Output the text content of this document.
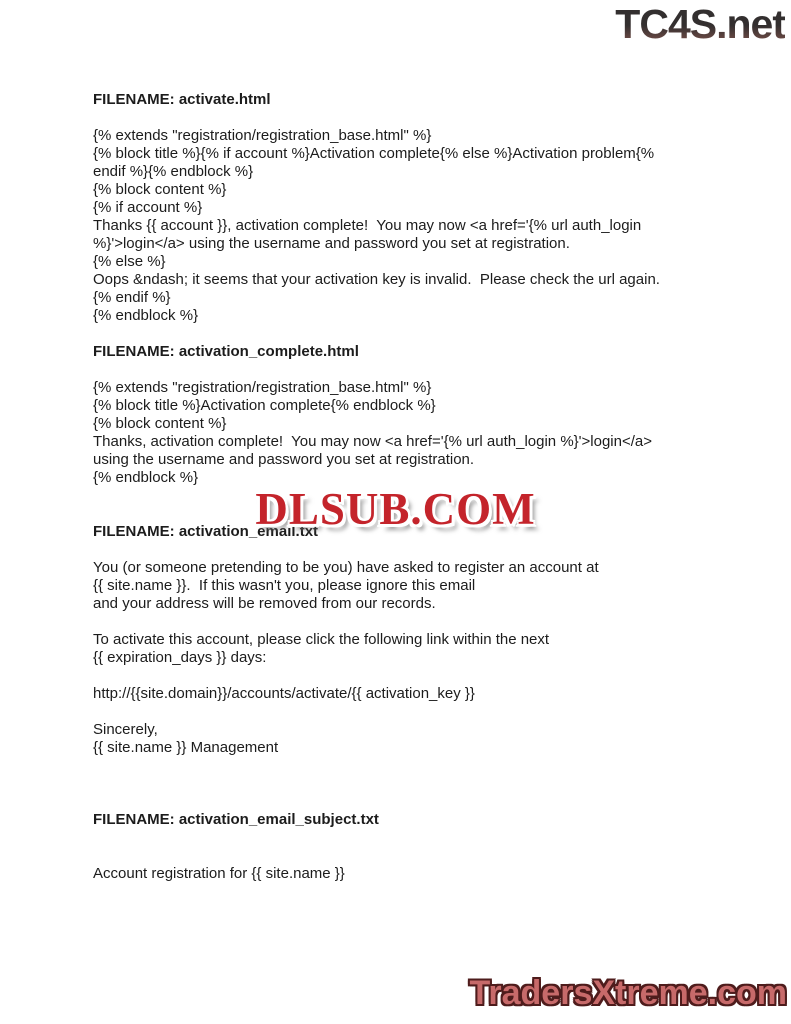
TC4S.net
FILENAME: activate.html

{% extends "registration/registration_base.html" %}
{% block title %}{% if account %}Activation complete{% else %}Activation problem{%
endif %}{% endblock %}
{% block content %}
{% if account %}
Thanks {{ account }}, activation complete!  You may now <a href='{% url auth_login
%}'>login</a> using the username and password you set at registration.
{% else %}
Oops &ndash; it seems that your activation key is invalid.  Please check the url again.
{% endif %}
{% endblock %}

FILENAME: activation_complete.html

{% extends "registration/registration_base.html" %}
{% block title %}Activation complete{% endblock %}
{% block content %}
Thanks, activation complete!  You may now <a href='{% url auth_login %}'>login</a>
using the username and password you set at registration.
{% endblock %}

FILENAME: activation_email.txt

You (or someone pretending to be you) have asked to register an account at
{{ site.name }}.  If this wasn't you, please ignore this email
and your address will be removed from our records.

To activate this account, please click the following link within the next
{{ expiration_days }} days:

http://{{site.domain}}/accounts/activate/{{ activation_key }}

Sincerely,
{{ site.name }} Management

FILENAME: activation_email_subject.txt

Account registration for {{ site.name }}
DLSUB.COM
TradersXtreme.com
